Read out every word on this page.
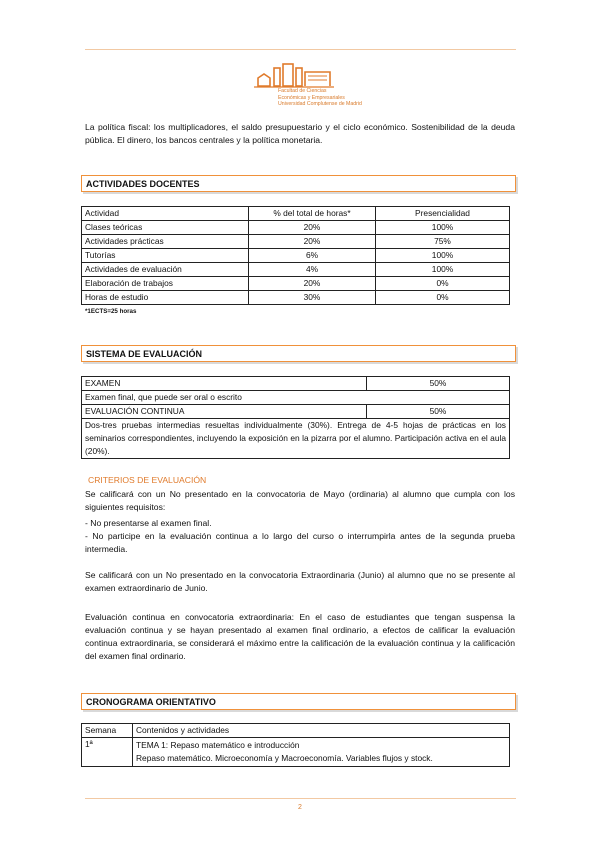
Facultad de Ciencias
Económicas y Empresariales
Universidad Complutense de Madrid
La política fiscal: los multiplicadores, el saldo presupuestario y el ciclo económico. Sostenibilidad de la deuda pública. El dinero, los bancos centrales y la política monetaria.
ACTIVIDADES DOCENTES
Actividad	% del total de horas*	Presencialidad
Clases teóricas	20%	100%
Actividades prácticas	20%	75%
Tutorías	6%	100%
Actividades de evaluación	4%	100%
Elaboración de trabajos	20%	0%
Horas de estudio	30%	0%
*1ECTS=25 horas
SISTEMA DE EVALUACIÓN
EXAMEN	50%
Examen final, que puede ser oral o escrito	
EVALUACIÓN CONTINUA	50%
Dos-tres pruebas intermedias resueltas individualmente (30%). Entrega de 4-5 hojas de prácticas en los seminarios correspondientes, incluyendo la exposición en la pizarra por el alumno. Participación activa en el aula (20%).	
CRITERIOS DE EVALUACIÓN
Se calificará con un No presentado en la convocatoria de Mayo (ordinaria) al alumno que cumpla con los siguientes requisitos:
- No presentarse al examen final.
- No participe en la evaluación continua a lo largo del curso o interrumpirla antes de la segunda prueba intermedia.
Se calificará con un No presentado en la convocatoria Extraordinaria (Junio) al alumno que no se presente al examen extraordinario de Junio.
Evaluación continua en convocatoria extraordinaria: En el caso de estudiantes que tengan suspensa la evaluación continua y se hayan presentado al examen final ordinario, a efectos de calificar la evaluación continua extraordinaria, se considerará el máximo entre la calificación de la evaluación continua y la calificación del examen final ordinario.
CRONOGRAMA ORIENTATIVO
Semana	Contenidos y actividades
1ª	TEMA 1: Repaso matemático e introducción
Repaso matemático. Microeconomía y Macroeconomía. Variables flujos y stock.
2
